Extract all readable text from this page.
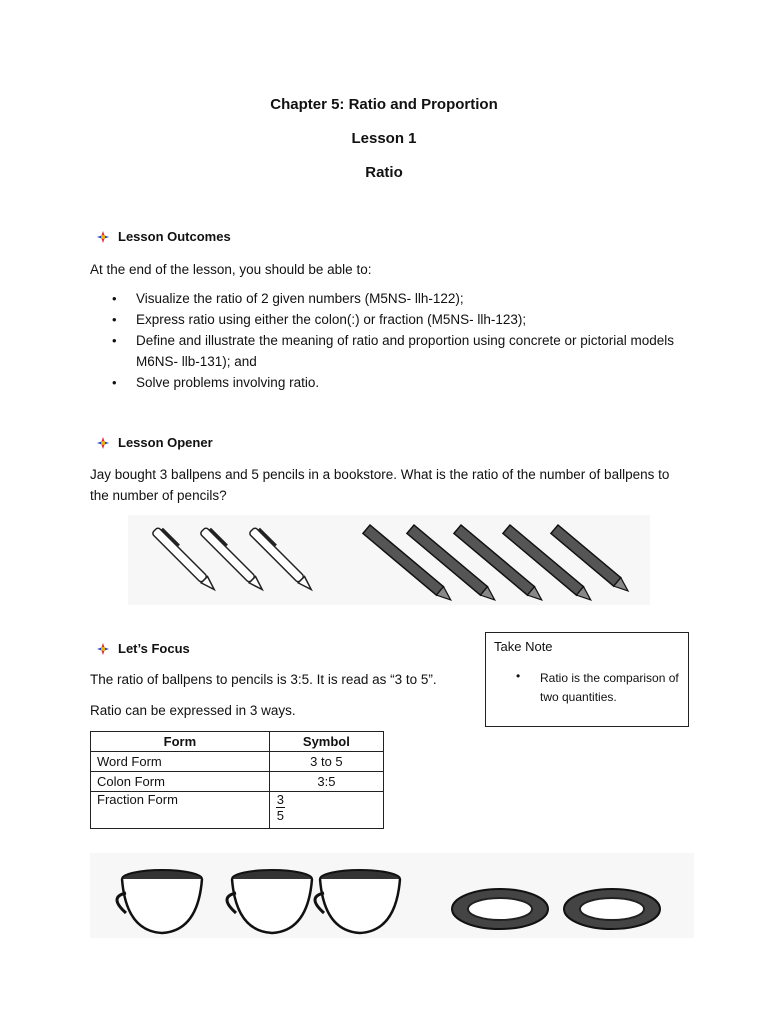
Chapter 5: Ratio and Proportion
Lesson 1
Ratio
Lesson Outcomes
At the end of the lesson, you should be able to:
• Visualize the ratio of 2 given numbers (M5NS- llh-122);
• Express ratio using either the colon(:) or fraction (M5NS- llh-123);
• Define and illustrate the meaning of ratio and proportion using concrete or pictorial models M6NS- llb-131); and
• Solve problems involving ratio.
Lesson Opener
Jay bought 3 ballpens and 5 pencils in a bookstore. What is the ratio of the number of ballpens to the number of pencils?
Let’s Focus
The ratio of ballpens to pencils is 3:5. It is read as “3 to 5”.
Ratio can be expressed in 3 ways.
Take Note
• Ratio is the comparison of two quantities.
Form	Symbol
Word Form	3 to 5
Colon Form	3:5
Fraction Form	$\frac{3}{5}$
